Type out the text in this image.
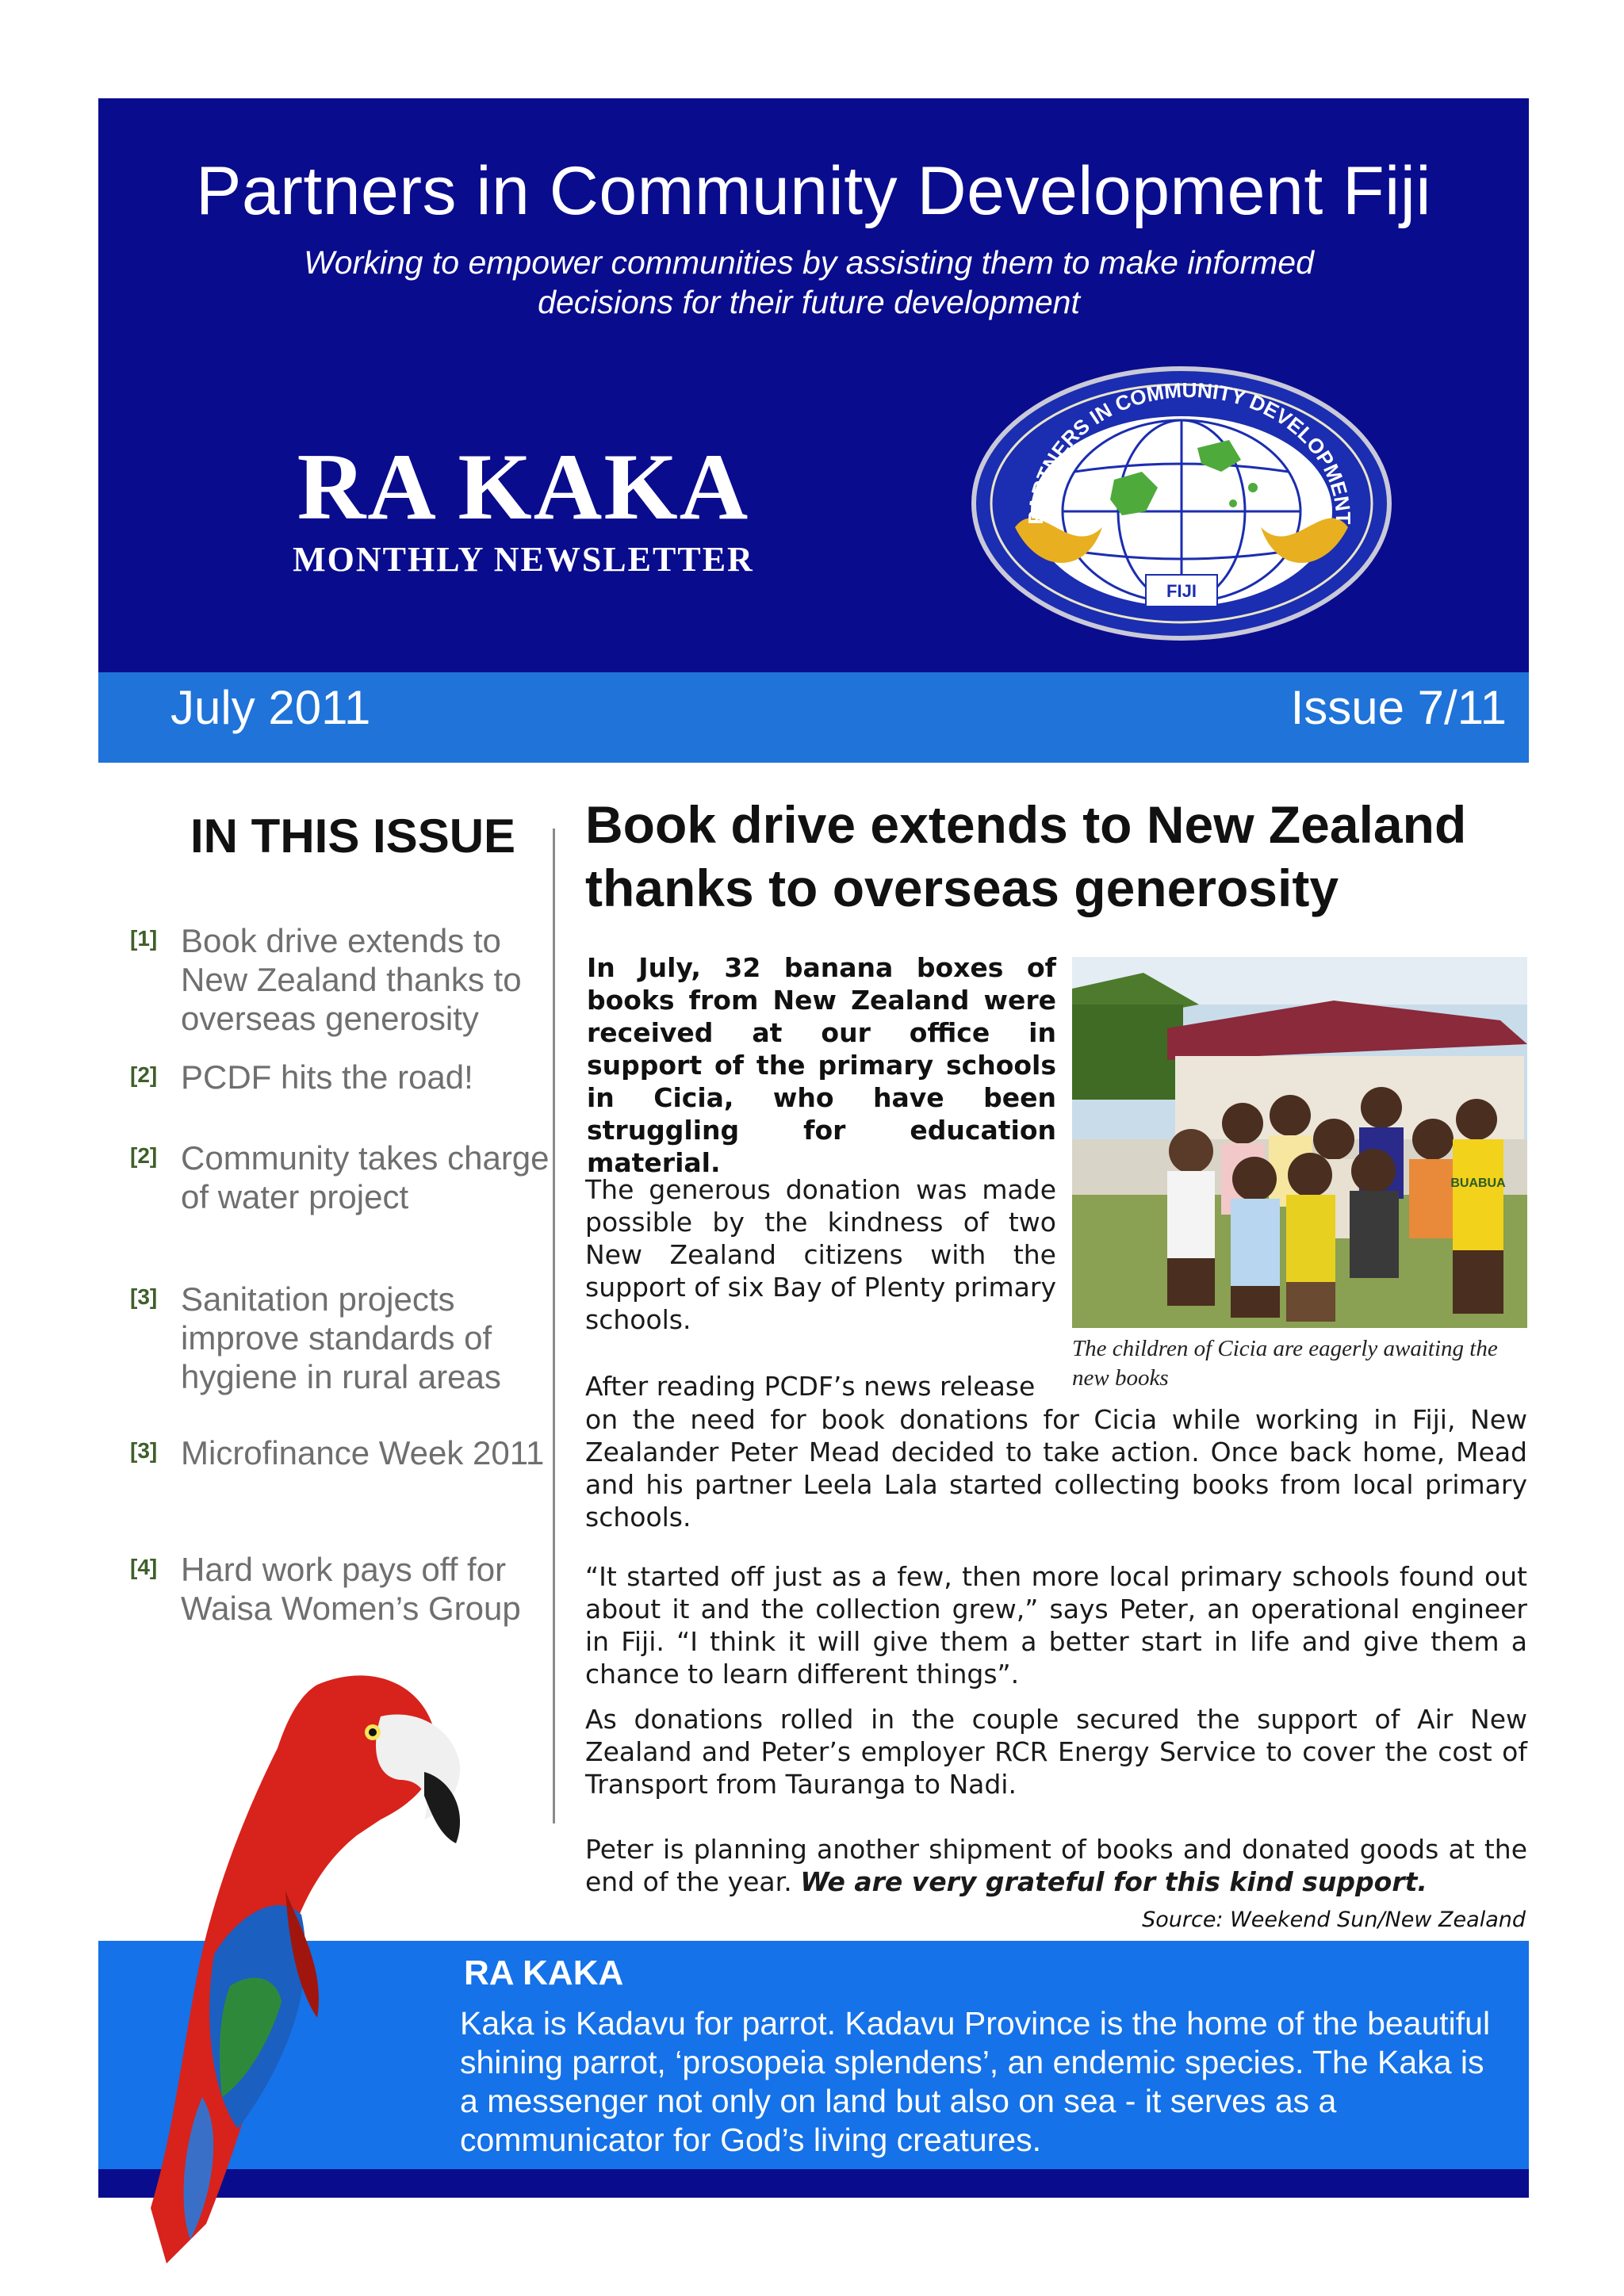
Partners in Community Development Fiji
Working to empower communities by assisting them to make informed
decisions for their future development
RA KAKA
MONTHLY NEWSLETTER
FIJI
PARTNERS IN COMMUNITY DEVELOPMENT
July 2011	Issue 7/11
IN THIS ISSUE
[1] Book drive extends to New Zealand thanks to overseas generosity
[2] PCDF hits the road!
[2] Community takes charge of water project
[3] Sanitation projects improve standards of hygiene in rural areas
[3] Microfinance Week 2011
[4] Hard work pays off for Waisa Women’s Group
Book drive extends to New Zealand thanks to overseas generosity
In July, 32 banana boxes of books from New Zealand were received at our office in support of the primary schools in Cicia, who have been struggling for education material.
The generous donation was made possible by the kindness of two New Zealand citizens with the support of six Bay of Plenty primary schools.
After reading PCDF’s news release
on the need for book donations for Cicia while working in Fiji, New Zealander Peter Mead decided to take action. Once back home, Mead and his partner Leela Lala started collecting books from local primary schools.
“It started off just as a few, then more local primary schools found out about it and the collection grew,” says Peter, an operational engineer in Fiji. “I think it will give them a better start in life and give them a chance to learn different things”.
As donations rolled in the couple secured the support of Air New Zealand and Peter’s employer RCR Energy Service to cover the cost of Transport from Tauranga to Nadi.
Peter is planning another shipment of books and donated goods at the end of the year. We are very grateful for this kind support.
Source: Weekend Sun/New Zealand
BUABUA
The children of Cicia are eagerly awaiting the new books
RA KAKA
Kaka is Kadavu for parrot. Kadavu Province is the home of the beautiful shining parrot, ‘prosopeia splendens’, an endemic species. The Kaka is a messenger not only on land but also on sea - it serves as a communicator for God’s living creatures.
